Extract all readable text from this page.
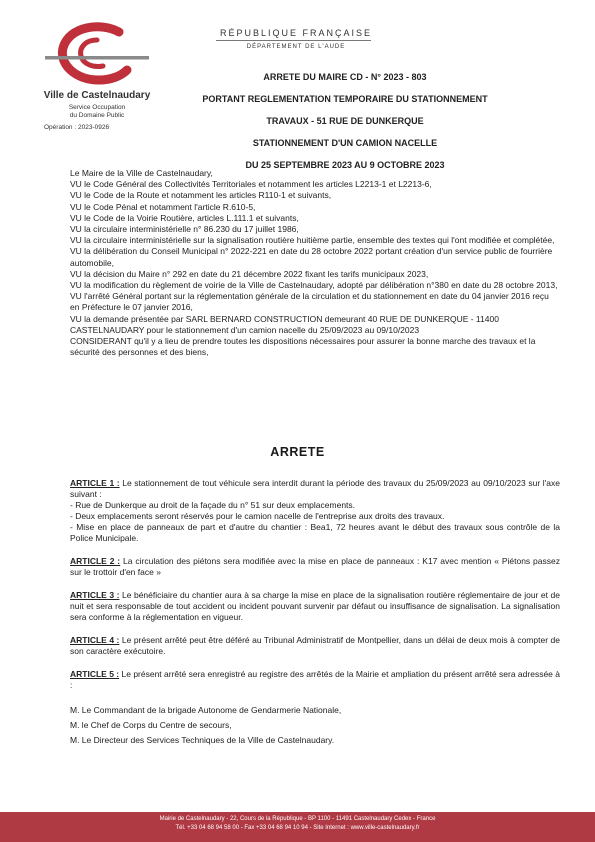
Ville de Castelnaudary
Service Occupation
du Domaine Public
Opération : 2023-0926
RÉPUBLIQUE FRANÇAISE
DÉPARTEMENT DE L'AUDE
ARRETE DU MAIRE CD - N° 2023 - 803
PORTANT REGLEMENTATION TEMPORAIRE DU STATIONNEMENT
TRAVAUX - 51 RUE DE DUNKERQUE
STATIONNEMENT D'UN CAMION NACELLE
DU 25 SEPTEMBRE 2023 AU 9 OCTOBRE 2023

Le Maire de la Ville de Castelnaudary,

VU le Code Général des Collectivités Territoriales et notamment les articles L2213-1 et L2213-6,

VU le Code de la Route et notamment les articles R110-1 et suivants,

VU le Code Pénal et notamment l'article R.610-5,

VU le Code de la Voirie Routière, articles L.111.1 et suivants,

VU la circulaire interministérielle n° 86.230 du 17 juillet 1986,

VU la circulaire interministérielle sur la signalisation routière huitième partie, ensemble des textes qui l'ont modifiée et complétée,

VU la délibération du Conseil Municipal n° 2022-221 en date du 28 octobre 2022 portant création d'un service public de fourrière automobile,

VU la décision du Maire n° 292 en date du 21 décembre 2022 fixant les tarifs municipaux 2023,

VU la modification du règlement de voirie de la Ville de Castelnaudary, adopté par délibération n°380 en date du 28 octobre 2013,

VU l'arrêté Général portant sur la réglementation générale de la circulation et du stationnement en date du 04 janvier 2016 reçu en Préfecture le 07 janvier 2016,

VU la demande présentée par SARL BERNARD CONSTRUCTION demeurant 40 RUE DE DUNKERQUE - 11400 CASTELNAUDARY pour le stationnement d'un camion nacelle du 25/09/2023 au 09/10/2023

CONSIDERANT qu'il y a lieu de prendre toutes les dispositions nécessaires pour assurer la bonne marche des travaux et la sécurité des personnes et des biens,

ARRETE
ARTICLE 1 : Le stationnement de tout véhicule sera interdit durant la période des travaux du 25/09/2023 au 09/10/2023 sur l'axe suivant :
- Rue de Dunkerque au droit de la façade du n° 51 sur deux emplacements.
- Deux emplacements seront réservés pour le camion nacelle de l'entreprise aux droits des travaux.
- Mise en place de panneaux de part et d'autre du chantier : Bea1, 72 heures avant le début des travaux sous contrôle de la Police Municipale.
ARTICLE 2 : La circulation des piétons sera modifiée avec la mise en place de panneaux : K17 avec mention « Piétons passez sur le trottoir d'en face »
ARTICLE 3 : Le bénéficiaire du chantier aura à sa charge la mise en place de la signalisation routière réglementaire de jour et de nuit et sera responsable de tout accident ou incident pouvant survenir par défaut ou insuffisance de signalisation. La signalisation sera conforme à la réglementation en vigueur.
ARTICLE 4 : Le présent arrêté peut être déféré au Tribunal Administratif de Montpellier, dans un délai de deux mois à compter de son caractère exécutoire.
ARTICLE 5 : Le présent arrêté sera enregistré au registre des arrêtés de la Mairie et ampliation du présent arrêté sera adressée à :
M. Le Commandant de la brigade Autonome de Gendarmerie Nationale,
M. le Chef de Corps du Centre de secours,
M. Le Directeur des Services Techniques de la Ville de Castelnaudary.
Mairie de Castelnaudary - 22, Cours de la République - BP 1100 - 11491 Castelnaudary Cedex - France
Tél. +33 04 68 94 58 00 - Fax +33 04 68 94 10 94 - Site Internet : www.ville-castelnaudary.fr
